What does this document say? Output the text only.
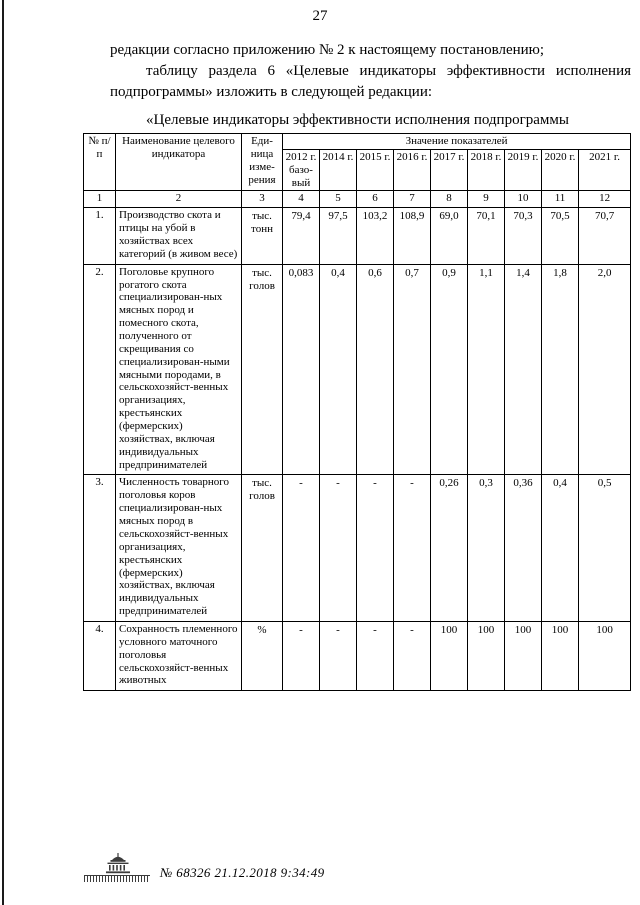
27

редакции согласно приложению № 2 к настоящему постановлению;

таблицу раздела 6 «Целевые индикаторы эффективности исполнения подпрограммы» изложить в следующей редакции:

«Целевые индикаторы эффективности исполнения подпрограммы

№ п/п	Наименование целевого индикатора	Еди-ница изме-рения	Значение показателей								
			2012 г. базо-вый	2014 г.	2015 г.	2016 г.	2017 г.	2018 г.	2019 г.	2020 г.	2021 г.
1	2	3	4	5	6	7	8	9	10	11	12
1.	Производство скота и птицы на убой в хозяйствах всех категорий (в живом весе)	тыс. тонн	79,4	97,5	103,2	108,9	69,0	70,1	70,3	70,5	70,7
2.	Поголовье крупного рогатого скота специализирован-ных мясных пород и помесного скота, полученного от скрещивания со специализирован-ными мясными породами, в сельскохозяйст-венных организациях, крестьянских (фермерских) хозяйствах, включая индивидуальных предпринимателей	тыс. голов	0,083	0,4	0,6	0,7	0,9	1,1	1,4	1,8	2,0
3.	Численность товарного поголовья коров специализирован-ных мясных пород в сельскохозяйст-венных организациях, крестьянских (фермерских) хозяйствах, включая индивидуальных предпринимателей	тыс. голов	-	-	-	-	0,26	0,3	0,36	0,4	0,5
4.	Сохранность племенного условного маточного поголовья сельскохозяйст-венных животных	%	-	-	-	-	100	100	100	100	100
№ 68326 21.12.2018 9:34:49
